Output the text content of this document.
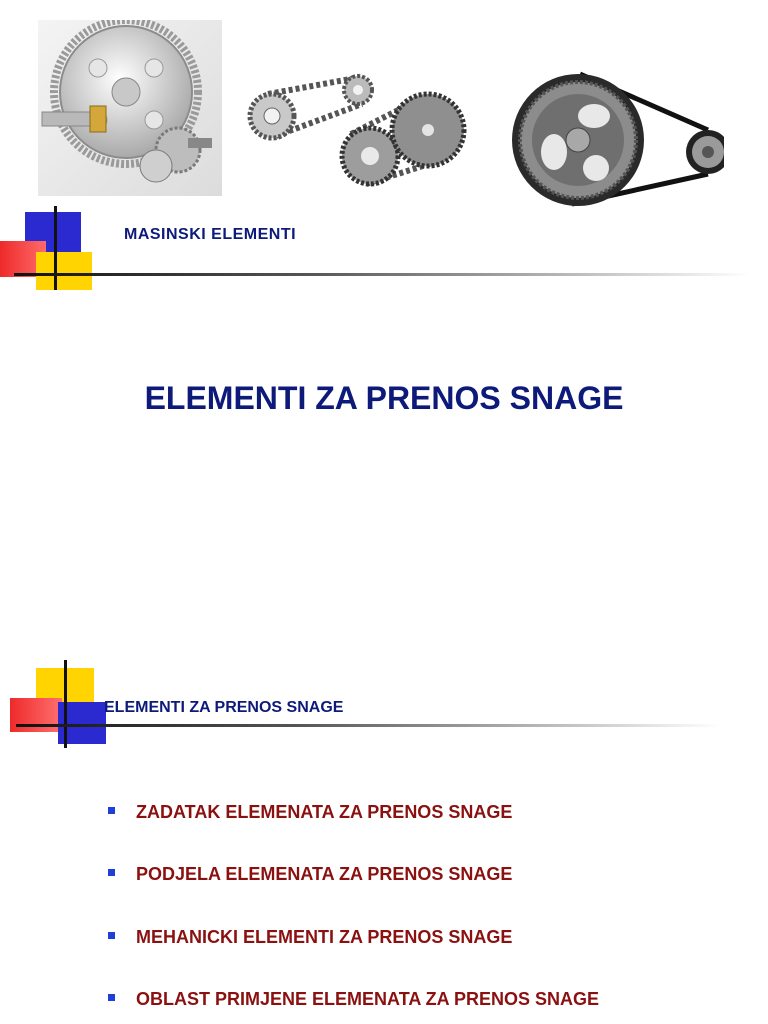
MASINSKI ELEMENTI
ELEMENTI ZA PRENOS SNAGE
ELEMENTI ZA PRENOS SNAGE
ZADATAK ELEMENATA ZA PRENOS SNAGE
PODJELA ELEMENATA ZA PRENOS SNAGE
MEHANICKI ELEMENTI ZA PRENOS SNAGE
OBLAST PRIMJENE ELEMENATA ZA PRENOS SNAGE
